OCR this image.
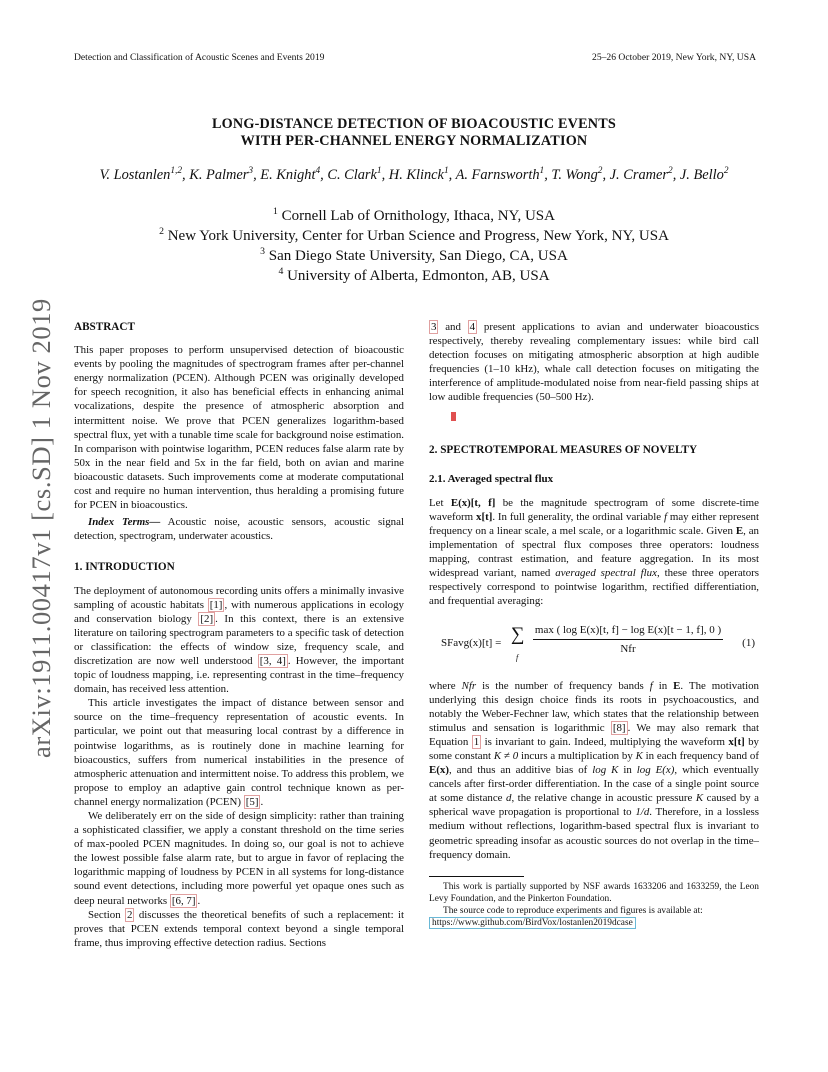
Detection and Classification of Acoustic Scenes and Events 2019	25–26 October 2019, New York, NY, USA
LONG-DISTANCE DETECTION OF BIOACOUSTIC EVENTS
WITH PER-CHANNEL ENERGY NORMALIZATION
V. Lostanlen$^{1,2}$, K. Palmer$^3$, E. Knight$^4$, C. Clark$^1$, H. Klinck$^1$, A. Farnsworth$^1$, T. Wong$^2$, J. Cramer$^2$, J. Bello$^2$
$^1$ Cornell Lab of Ornithology, Ithaca, NY, USA
$^2$ New York University, Center for Urban Science and Progress, New York, NY, USA
$^3$ San Diego State University, San Diego, CA, USA
$^4$ University of Alberta, Edmonton, AB, USA
arXiv:1911.00417v1 [cs.SD] 1 Nov 2019 ABSTRACT

This paper proposes to perform unsupervised detection of bioacoustic events by pooling the magnitudes of spectrogram frames after per-channel energy normalization (PCEN). Although PCEN was originally developed for speech recognition, it also has beneficial effects in enhancing animal vocalizations, despite the presence of atmospheric absorption and intermittent noise. We prove that PCEN generalizes logarithm-based spectral flux, yet with a tunable time scale for background noise estimation. In comparison with pointwise logarithm, PCEN reduces false alarm rate by 50x in the near field and 5x in the far field, both on avian and marine bioacoustic datasets. Such improvements come at moderate computational cost and require no human intervention, thus heralding a promising future for PCEN in bioacoustics.

Index Terms— Acoustic noise, acoustic sensors, acoustic signal detection, spectrogram, underwater acoustics.

1. INTRODUCTION

The deployment of autonomous recording units offers a minimally invasive sampling of acoustic habitats [1] , with numerous applications in ecology and conservation biology [2] . In this context, there is an extensive literature on tailoring spectrogram parameters to a specific task of detection or classification: the effects of window size, frequency scale, and discretization are now well understood [3, 4] . However, the important topic of loudness mapping, i.e. representing contrast in the time–frequency domain, has received less attention.

This article investigates the impact of distance between sensor and source on the time–frequency representation of acoustic events. In particular, we point out that measuring local contrast by a difference in pointwise logarithms, as is routinely done in machine learning for bioacoustics, suffers from numerical instabilities in the presence of atmospheric attenuation and intermittent noise. To address this problem, we propose to employ an adaptive gain control technique known as per-channel energy normalization (PCEN) [5] .

We deliberately err on the side of design simplicity: rather than training a sophisticated classifier, we apply a constant threshold on the time series of max-pooled PCEN magnitudes. In doing so, our goal is not to achieve the lowest possible false alarm rate, but to argue in favor of replacing the logarithmic mapping of loudness by PCEN in all systems for long-distance sound event detections, including more powerful yet opaque ones such as deep neural networks [6, 7] .

Section 2 discusses the theoretical benefits of such a replacement: it proves that PCEN extends temporal context beyond a single temporal frame, thus improving effective detection radius. Sections

3 and 4 present applications to avian and underwater bioacoustics respectively, thereby revealing complementary issues: while bird call detection focuses on mitigating atmospheric absorption at high audible frequencies (1–10 kHz), whale call detection focuses on mitigating the interference of amplitude-modulated noise from near-field passing ships at low audible frequencies (50–500 Hz).

2. SPECTROTEMPORAL MEASURES OF NOVELTY

2.1. Averaged spectral flux

Let E(x)[t, f] be the magnitude spectrogram of some discrete-time waveform x[t]. In full generality, the ordinal variable f may either represent frequency on a linear scale, a mel scale, or a logarithmic scale. Given E, an implementation of spectral flux composes three operators: loudness mapping, contrast estimation, and feature aggregation. In its most widespread variant, named averaged spectral flux, these three operators respectively correspond to pointwise logarithm, rectified differentiation, and frequential averaging:

SFavg(x)[t] = ∑
f
max ( log E(x)[t, f] − log E(x)[t − 1, f], 0 )
Nfr
(1)

where Nfr is the number of frequency bands f in E. The motivation underlying this design choice finds its roots in psychoacoustics, and notably the Weber-Fechner law, which states that the relationship between stimulus and sensation is logarithmic [8] . We may also remark that Equation 1 is invariant to gain. Indeed, multiplying the waveform x[t] by some constant K ≠ 0 incurs a multiplication by K in each frequency band of E(x), and thus an additive bias of log K in log E(x), which eventually cancels after first-order differentiation. In the case of a single point source at some distance d, the relative change in acoustic pressure K caused by a spherical wave propagation is proportional to 1/d. Therefore, in a lossless medium without reflections, logarithm-based spectral flux is invariant to geometric spreading insofar as acoustic sources do not overlap in the time–frequency domain.

This work is partially supported by NSF awards 1633206 and 1633259, the Leon Levy Foundation, and the Pinkerton Foundation.

The source code to reproduce experiments and figures is available at:

https://www.github.com/BirdVox/lostanlen2019dcase
